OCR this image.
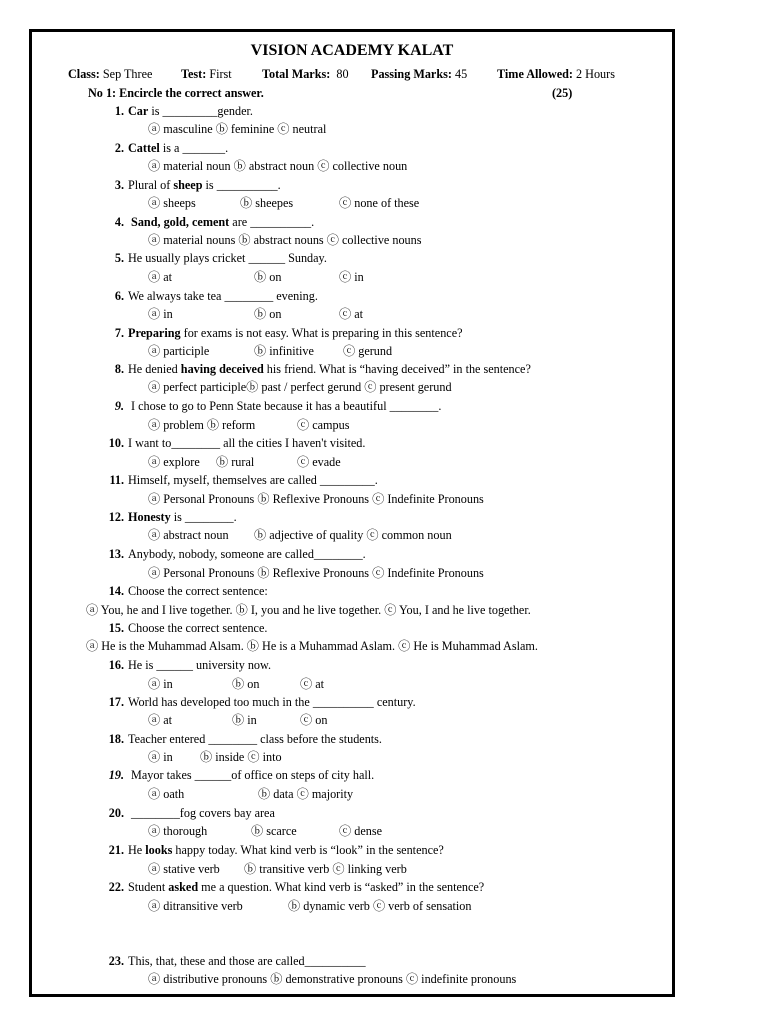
VISION ACADEMY KALAT
Class: Sep Three Test: First Total Marks: 80 Passing Marks: 45 Time Allowed: 2 Hours
No 1: Encircle the correct answer.	(25)
1. Car is _________gender.
ⓐ masculine ⓑ feminine ⓒ neutral
2. Cattel is a _______.
ⓐ material noun ⓑ abstract noun ⓒ collective noun
3. Plural of sheep is __________.
ⓐ sheeps	ⓑ sheepes	ⓒ none of these
4. Sand, gold, cement are __________.
ⓐ material nouns ⓑ abstract nouns ⓒ collective nouns
5. He usually plays cricket ______ Sunday.
ⓐ at	ⓑ on	ⓒ in
6. We always take tea ________ evening.
ⓐ in	ⓑ on	ⓒ at
7. Preparing for exams is not easy. What is preparing in this sentence?
ⓐ participle	ⓑ infinitive ⓒ gerund
8. He denied having deceived his friend. What is “having deceived” in the sentence?
ⓐ perfect participleⓑ past / perfect gerund ⓒ present gerund
9. I chose to go to Penn State because it has a beautiful ________.
ⓐ problem ⓑ reform	ⓒ campus
10. I want to________ all the cities I haven't visited.
ⓐ explore ⓑ rural	ⓒ evade
11. Himself, myself, themselves are called _________.
ⓐ Personal Pronouns ⓑ Reflexive Pronouns ⓒ Indefinite Pronouns
12. Honesty is ________.
ⓐ abstract noun ⓑ adjective of quality ⓒ common noun
13. Anybody, nobody, someone are called________.
ⓐ Personal Pronouns ⓑ Reflexive Pronouns ⓒ Indefinite Pronouns
14. Choose the correct sentence:
ⓐ You, he and I live together. ⓑ I, you and he live together. ⓒ You, I and he live together.
15. Choose the correct sentence.
ⓐ He is the Muhammad Alsam. ⓑ He is a Muhammad Aslam. ⓒ He is Muhammad Aslam.
16. He is ______ university now.
ⓐ in	ⓑ on	ⓒ at
17. World has developed too much in the __________ century.
ⓐ at	ⓑ in	ⓒ on
18. Teacher entered ________ class before the students.
ⓐ in ⓑ inside ⓒ into
19. Mayor takes ______of office on steps of city hall.
ⓐ oath	ⓑ data ⓒ majority
20. ________fog covers bay area
ⓐ thorough	ⓑ scarce	ⓒ dense
21. He looks happy today. What kind verb is “look” in the sentence?
ⓐ stative verb ⓑ transitive verb ⓒ linking verb
22. Student asked me a question. What kind verb is “asked” in the sentence?
ⓐ ditransitive verb	ⓑ dynamic verb ⓒ verb of sensation
23. This, that, these and those are called__________
ⓐ distributive pronouns ⓑ demonstrative pronouns ⓒ indefinite pronouns
